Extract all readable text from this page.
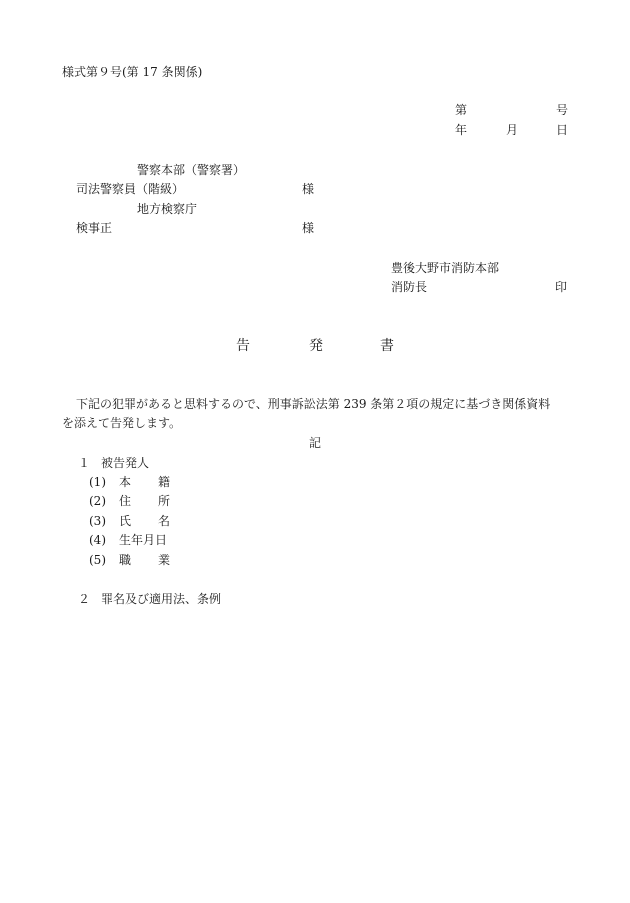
様式第９号(第 17 条関係)
第	号
年	月	日
警察本部（警察署）
司法警察員（階級）	様
地方検察庁
検事正	様
豊後大野市消防本部
消防長	印
告	発	書
下記の犯罪があると思料するので、刑事訴訟法第 239 条第２項の規定に基づき関係資料
を添えて告発します。
記
１ 被告発人
(1) 本 籍
(2) 住 所
(3) 氏 名
(4) 生年月日
(5) 職 業
２ 罪名及び適用法、条例
